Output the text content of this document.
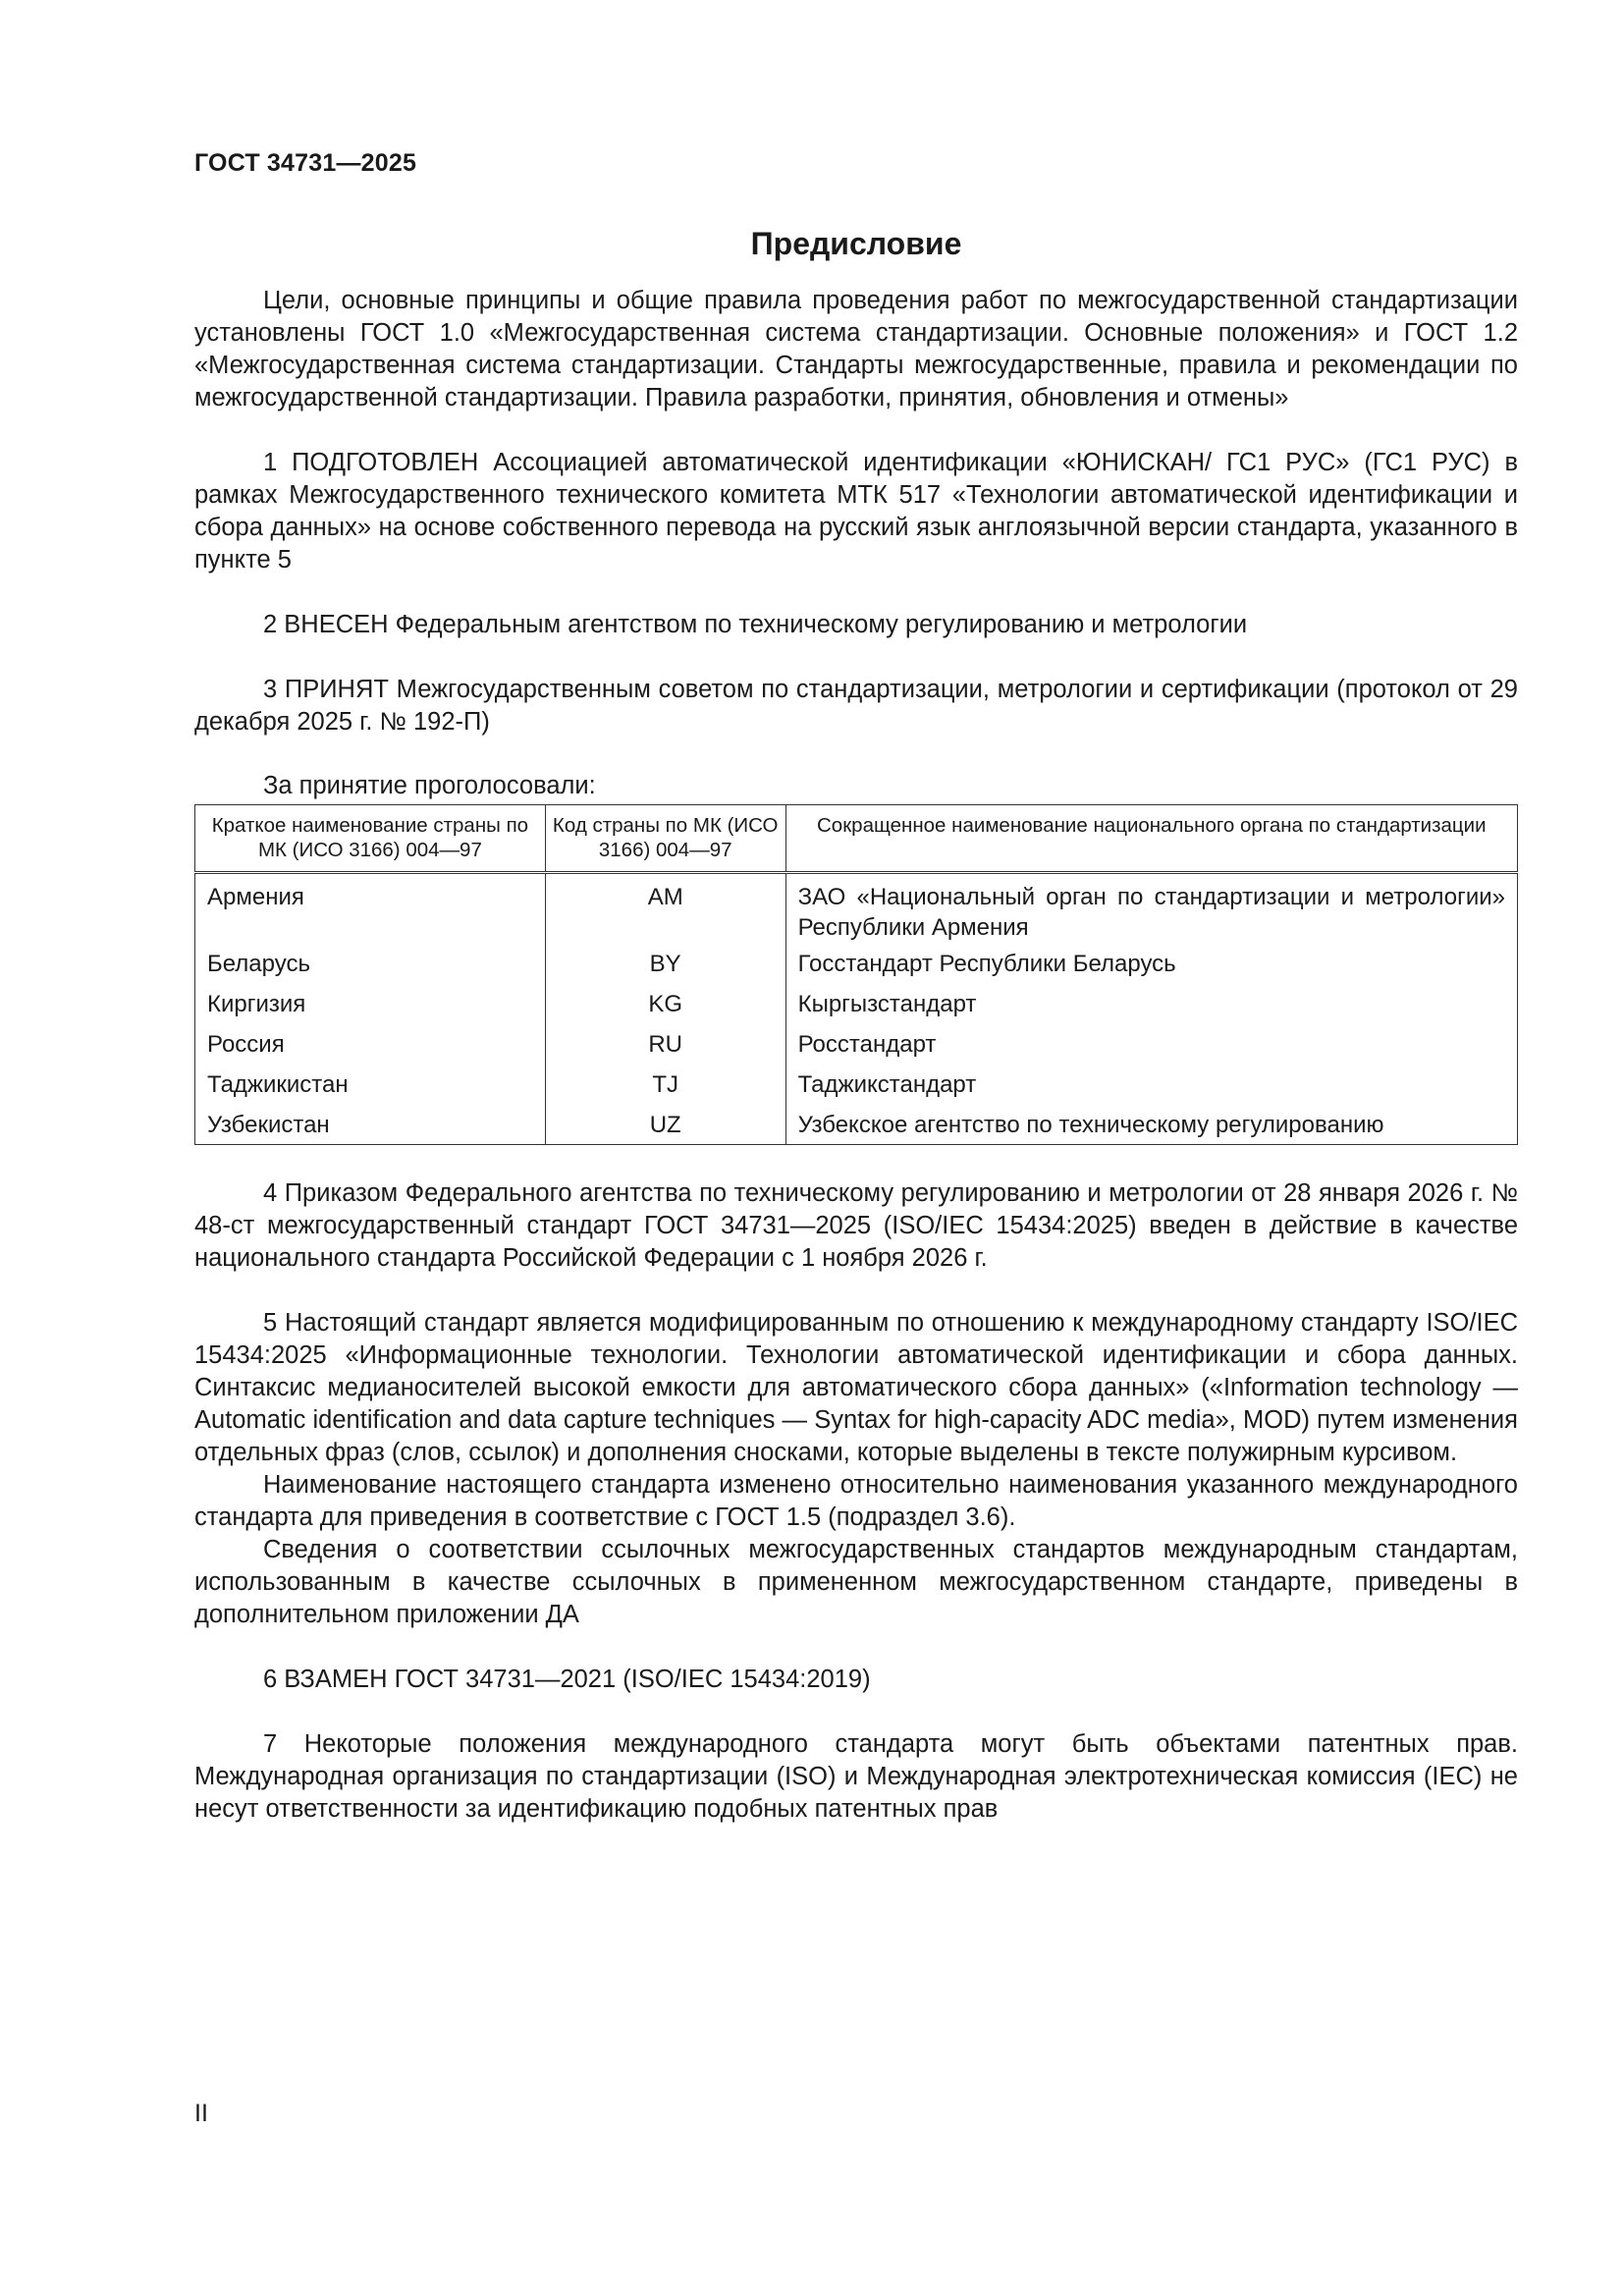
ГОСТ 34731—2025
Предисловие

Цели, основные принципы и общие правила проведения работ по межгосударственной стандартизации установлены ГОСТ 1.0 «Межгосударственная система стандартизации. Основные положения» и ГОСТ 1.2 «Межгосударственная система стандартизации. Стандарты межгосударственные, правила и рекомендации по межгосударственной стандартизации. Правила разработки, принятия, обновления и отмены»

1 ПОДГОТОВЛЕН Ассоциацией автоматической идентификации «ЮНИСКАН/ ГС1 РУС» (ГС1 РУС) в рамках Межгосударственного технического комитета МТК 517 «Технологии автоматической идентификации и сбора данных» на основе собственного перевода на русский язык англоязычной версии стандарта, указанного в пункте 5

2 ВНЕСЕН Федеральным агентством по техническому регулированию и метрологии

3 ПРИНЯТ Межгосударственным советом по стандартизации, метрологии и сертификации (протокол от 29 декабря 2025 г. № 192-П)

За принятие проголосовали:

Краткое наименование страны по МК (ИСО 3166) 004—97	Код страны по МК (ИСО 3166) 004—97	Сокращенное наименование национального органа по стандартизации
Армения	AM	ЗАО «Национальный орган по стандартизации и метрологии» Республики Армения
Беларусь	BY	Госстандарт Республики Беларусь
Киргизия	KG	Кыргызстандарт
Россия	RU	Росстандарт
Таджикистан	TJ	Таджикстандарт
Узбекистан	UZ	Узбекское агентство по техническому регулированию

4 Приказом Федерального агентства по техническому регулированию и метрологии от 28 января 2026 г. № 48-ст межгосударственный стандарт ГОСТ 34731—2025 (ISO/IEC 15434:2025) введен в действие в качестве национального стандарта Российской Федерации с 1 ноября 2026 г.

5 Настоящий стандарт является модифицированным по отношению к международному стандарту ISO/IEC 15434:2025 «Информационные технологии. Технологии автоматической идентификации и сбора данных. Синтаксис медианосителей высокой емкости для автоматического сбора данных» («Information technology — Automatic identification and data capture techniques — Syntax for high-capacity ADC media», MOD) путем изменения отдельных фраз (слов, ссылок) и дополнения сносками, которые выделены в тексте полужирным курсивом.

Наименование настоящего стандарта изменено относительно наименования указанного международного стандарта для приведения в соответствие с ГОСТ 1.5 (подраздел 3.6).

Сведения о соответствии ссылочных межгосударственных стандартов международным стандартам, использованным в качестве ссылочных в примененном межгосударственном стандарте, приведены в дополнительном приложении ДА

6 ВЗАМЕН ГОСТ 34731—2021 (ISO/IEC 15434:2019)

7 Некоторые положения международного стандарта могут быть объектами патентных прав. Международная организация по стандартизации (ISO) и Международная электротехническая комиссия (IEC) не несут ответственности за идентификацию подобных патентных прав

II
